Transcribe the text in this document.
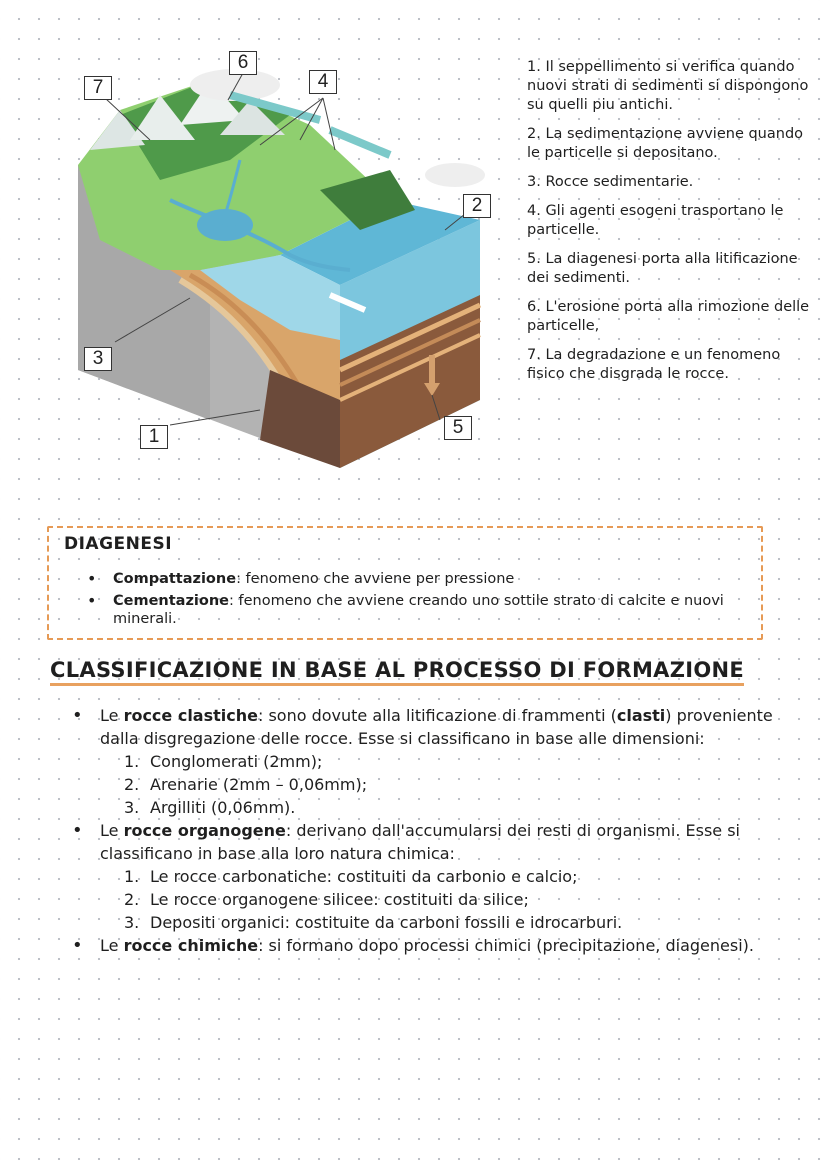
7
6
4
2
3
1	5

1. Il seppellimento si verifica quando nuovi strati di sedimenti si dispongono su quelli piu antichi.

2. La sedimentazione avviene quando le particelle si depositano.

3. Rocce sedimentarie.

4. Gli agenti esogeni trasportano le particelle.

5. La diagenesi porta alla litificazione dei sedimenti.

6. L'erosione porta alla rimozione delle particelle,

7. La degradazione e un fenomeno fisico che disgrada le rocce.

DIAGENESI
• Compattazione: fenomeno che avviene per pressione
• Cementazione: fenomeno che avviene creando uno sottile strato di calcite e nuovi minerali.
CLASSIFICAZIONE IN BASE AL PROCESSO DI FORMAZIONE
• Le rocce clastiche: sono dovute alla litificazione di frammenti (clasti) proveniente dalla disgregazione delle rocce. Esse si classificano in base alle dimensioni:
1. Conglomerati (2mm);
2. Arenarie (2mm – 0,06mm);
3. Argilliti (0,06mm).
• Le rocce organogene: derivano dall'accumularsi dei resti di organismi. Esse si classificano in base alla loro natura chimica:
1. Le rocce carbonatiche: costituiti da carbonio e calcio;
2. Le rocce organogene silicee: costituiti da silice;
3. Depositi organici: costituite da carboni fossili e idrocarburi.
• Le rocce chimiche: si formano dopo processi chimici (precipitazione, diagenesi).
